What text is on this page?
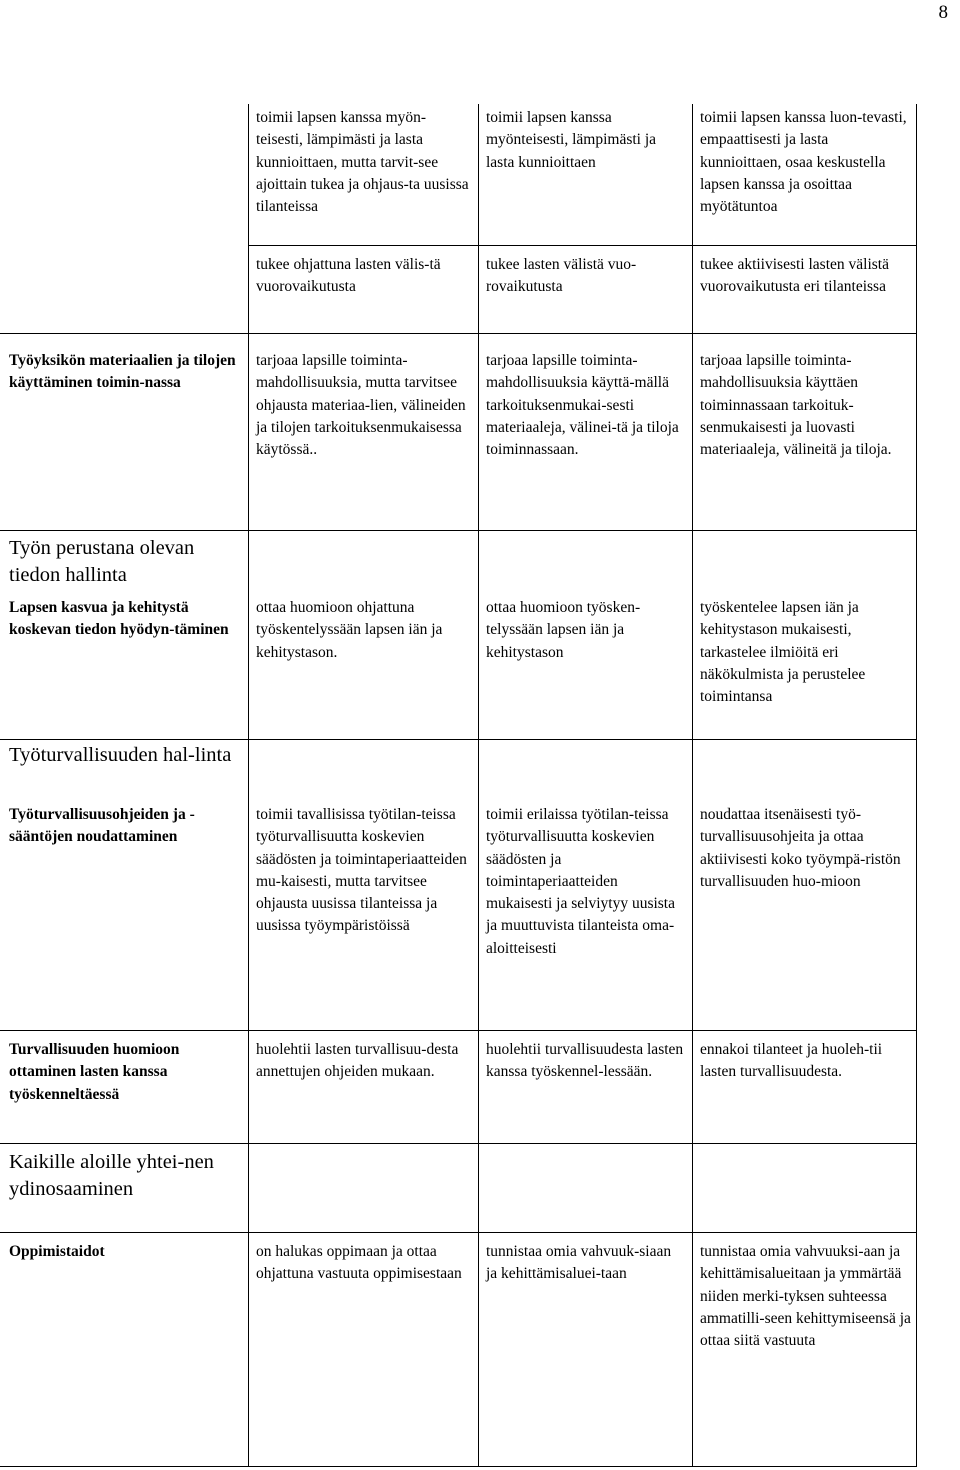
8
toimii lapsen kanssa myön-teisesti, lämpimästi ja lasta kunnioittaen, mutta tarvit-see ajoittain tukea ja ohjaus-ta uusissa tilanteissa
toimii lapsen kanssa myönteisesti, lämpimästi ja lasta kunnioittaen
toimii lapsen kanssa luon-tevasti, empaattisesti ja lasta kunnioittaen, osaa keskustella lapsen kanssa ja osoittaa myötätuntoa
tukee ohjattuna lasten välis-tä vuorovaikutusta
tukee lasten välistä vuo-rovaikutusta
tukee aktiivisesti lasten välistä vuorovaikutusta eri tilanteissa
Työyksikön materiaalien ja tilojen käyttäminen toimin-nassa
tarjoaa lapsille toiminta-mahdollisuuksia, mutta tarvitsee ohjausta materiaa-lien, välineiden ja tilojen tarkoituksenmukaisessa käytössä..
tarjoaa lapsille toiminta-mahdollisuuksia käyttä-mällä tarkoituksenmukai-sesti materiaaleja, välinei-tä ja tiloja toiminnassaan.
tarjoaa lapsille toiminta-mahdollisuuksia käyttäen toiminnassaan tarkoituk-senmukaisesti ja luovasti materiaaleja, välineitä ja tiloja.
Työn perustana olevan tiedon hallinta
Lapsen kasvua ja kehitystä koskevan tiedon hyödyn-täminen
ottaa huomioon ohjattuna työskentelyssään lapsen iän ja kehitystason.
ottaa huomioon työsken-telyssään lapsen iän ja kehitystason
työskentelee lapsen iän ja kehitystason mukaisesti, tarkastelee ilmiöitä eri näkökulmista ja perustelee toimintansa
Työturvallisuuden hal-linta
Työturvallisuusohjeiden ja -sääntöjen noudattaminen
toimii tavallisissa työtilan-teissa työturvallisuutta koskevien säädösten ja toimintaperiaatteiden mu-kaisesti, mutta tarvitsee ohjausta uusissa tilanteissa ja uusissa työympäristöissä
toimii erilaissa työtilan-teissa työturvallisuutta koskevien säädösten ja toimintaperiaatteiden mukaisesti ja selviytyy uusista ja muuttuvista tilanteista oma-aloitteisesti
noudattaa itsenäisesti työ-turvallisuusohjeita ja ottaa aktiivisesti koko työympä-ristön turvallisuuden huo-mioon
Turvallisuuden huomioon ottaminen lasten kanssa työskenneltäessä
huolehtii lasten turvallisuu-desta annettujen ohjeiden mukaan.
huolehtii turvallisuudesta lasten kanssa työskennel-lessään.
ennakoi tilanteet ja huoleh-tii lasten turvallisuudesta.
Kaikille aloille yhtei-nen ydinosaaminen
Oppimistaidot	on halukas oppimaan ja ottaa ohjattuna vastuuta oppimisestaan
tunnistaa omia vahvuuk-siaan ja kehittämisaluei-taan
tunnistaa omia vahvuuksi-aan ja kehittämisalueitaan ja ymmärtää niiden merki-tyksen suhteessa ammatilli-seen kehittymiseensä ja ottaa siitä vastuuta
